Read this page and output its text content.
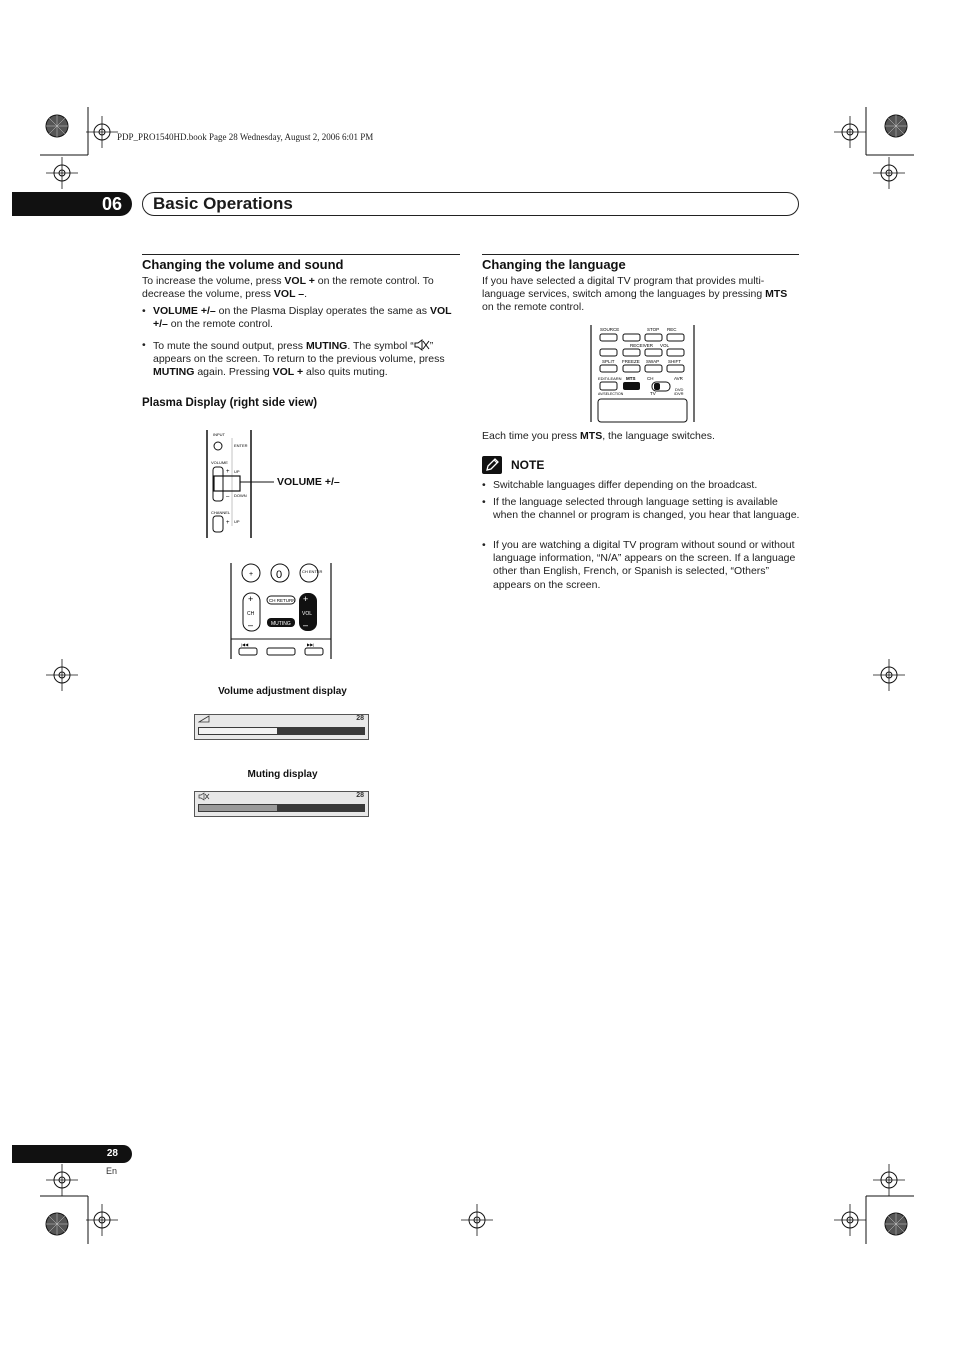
PDP_PRO1540HD.book Page 28 Wednesday, August 2, 2006 6:01 PM
06	Basic Operations
Changing the volume and sound

To increase the volume, press VOL + on the remote control. To decrease the volume, press VOL –.

• VOLUME +/– on the Plasma Display operates the same as VOL +/– on the remote control.
• To mute the sound output, press MUTING. The symbol “ ” appears on the screen. To return to the previous volume, press MUTING again. Pressing VOL + also quits muting.
Plasma Display (right side view)
INPUT
ENTER
VOLUME
+ UP
– DOWN
CHANNEL
+ UP
VOLUME +/–
+ 0	CH ENTER
+
CH
–
CH RETURN
MUTING
+
VOL
–
|◀◀	▶▶|
Volume adjustment display
28
Muting display
28
Changing the language

If you have selected a digital TV program that provides multi-language services, switch among the languages by pressing MTS on the remote control.

SOURCE	STOP REC
RECEIVER VOL
SPLIT FREEZE SWAP SHIFT
EDIT/LEARN MTS	CH	AVR
AV/SELECTION	TV
DVD
/DVR

Each time you press MTS, the language switches.

NOTE
• Switchable languages differ depending on the broadcast.
• If the language selected through language setting is available when the channel or program is changed, you hear that language.
• If you are watching a digital TV program without sound or without language information, “N/A” appears on the screen. If a language other than English, French, or Spanish is selected, “Others” appears on the screen.
28
En
